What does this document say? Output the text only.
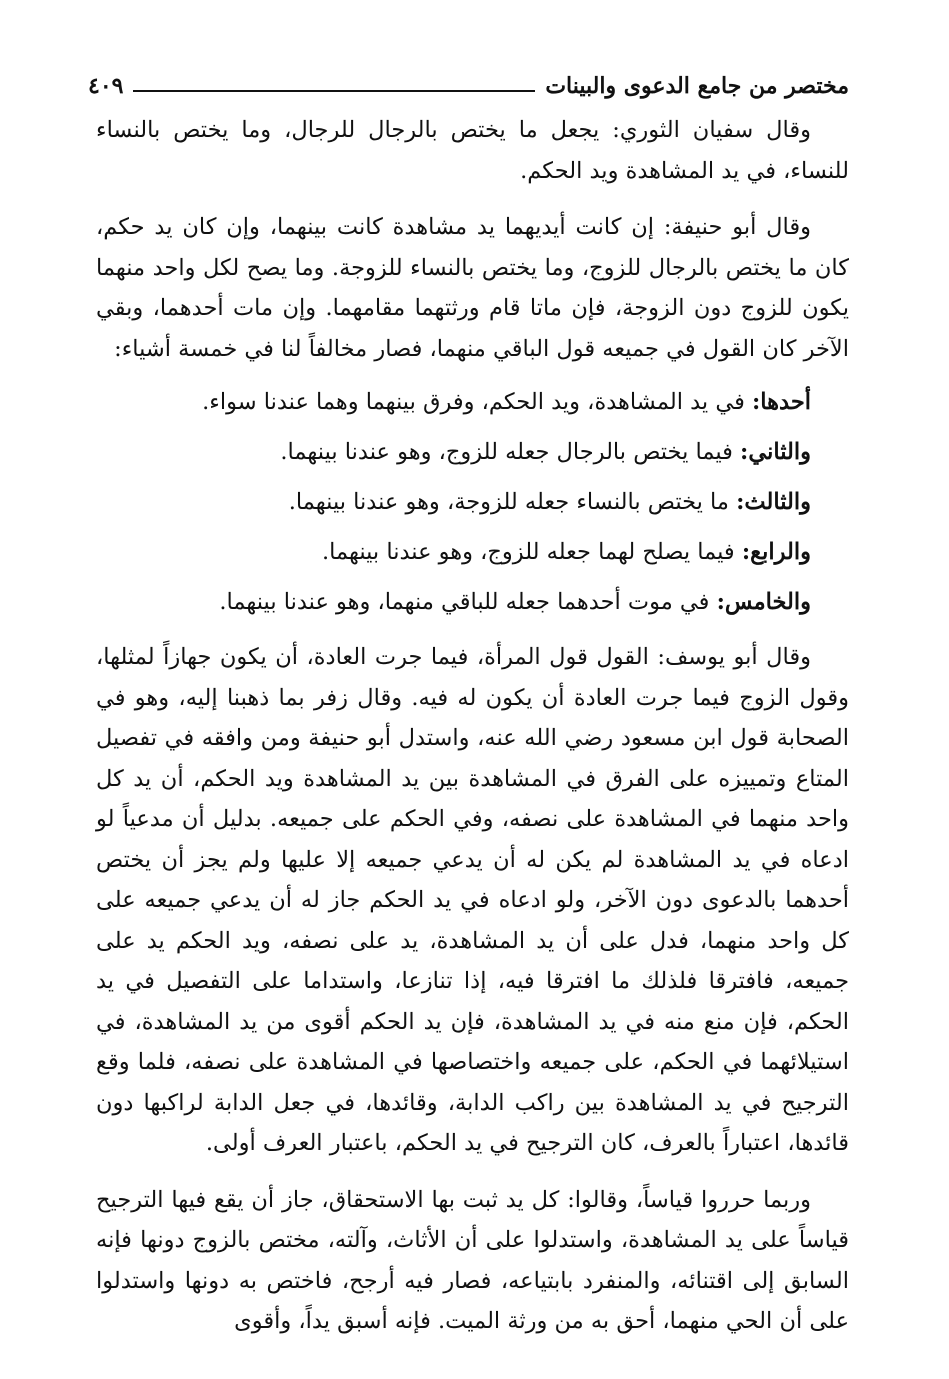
مختصر من جامع الدعوى والبينات
٤٠٩

وقال سفيان الثوري: يجعل ما يختص بالرجال للرجال، وما يختص بالنساء للنساء، في يد المشاهدة ويد الحكم.

وقال أبو حنيفة: إن كانت أيديهما يد مشاهدة كانت بينهما، وإن كان يد حكم، كان ما يختص بالرجال للزوج، وما يختص بالنساء للزوجة. وما يصح لكل واحد منهما يكون للزوج دون الزوجة، فإن ماتا قام ورثتهما مقامهما. وإن مات أحدهما، وبقي الآخر كان القول في جميعه قول الباقي منهما، فصار مخالفاً لنا في خمسة أشياء:

أحدها: في يد المشاهدة، ويد الحكم، وفرق بينهما وهما عندنا سواء.

والثاني: فيما يختص بالرجال جعله للزوج، وهو عندنا بينهما.

والثالث: ما يختص بالنساء جعله للزوجة، وهو عندنا بينهما.

والرابع: فيما يصلح لهما جعله للزوج، وهو عندنا بينهما.

والخامس: في موت أحدهما جعله للباقي منهما، وهو عندنا بينهما.

وقال أبو يوسف: القول قول المرأة، فيما جرت العادة، أن يكون جهازاً لمثلها، وقول الزوج فيما جرت العادة أن يكون له فيه. وقال زفر بما ذهبنا إليه، وهو في الصحابة قول ابن مسعود رضي الله عنه، واستدل أبو حنيفة ومن وافقه في تفصيل المتاع وتمييزه على الفرق في المشاهدة بين يد المشاهدة ويد الحكم، أن يد كل واحد منهما في المشاهدة على نصفه، وفي الحكم على جميعه. بدليل أن مدعياً لو ادعاه في يد المشاهدة لم يكن له أن يدعي جميعه إلا عليها ولم يجز أن يختص أحدهما بالدعوى دون الآخر، ولو ادعاه في يد الحكم جاز له أن يدعي جميعه على كل واحد منهما، فدل على أن يد المشاهدة، يد على نصفه، ويد الحكم يد على جميعه، فافترقا فلذلك ما افترقا فيه، إذا تنازعا، واستداما على التفصيل في يد الحكم، فإن منع منه في يد المشاهدة، فإن يد الحكم أقوى من يد المشاهدة، في استيلائهما في الحكم، على جميعه واختصاصها في المشاهدة على نصفه، فلما وقع الترجيح في يد المشاهدة بين راكب الدابة، وقائدها، في جعل الدابة لراكبها دون قائدها، اعتباراً بالعرف، كان الترجيح في يد الحكم، باعتبار العرف أولى.

وربما حرروا قياساً، وقالوا: كل يد ثبت بها الاستحقاق، جاز أن يقع فيها الترجيح قياساً على يد المشاهدة، واستدلوا على أن الأثاث، وآلته، مختص بالزوج دونها فإنه السابق إلى اقتنائه، والمنفرد بابتياعه، فصار فيه أرجح، فاختص به دونها واستدلوا على أن الحي منهما، أحق به من ورثة الميت. فإنه أسبق يداً، وأقوى
